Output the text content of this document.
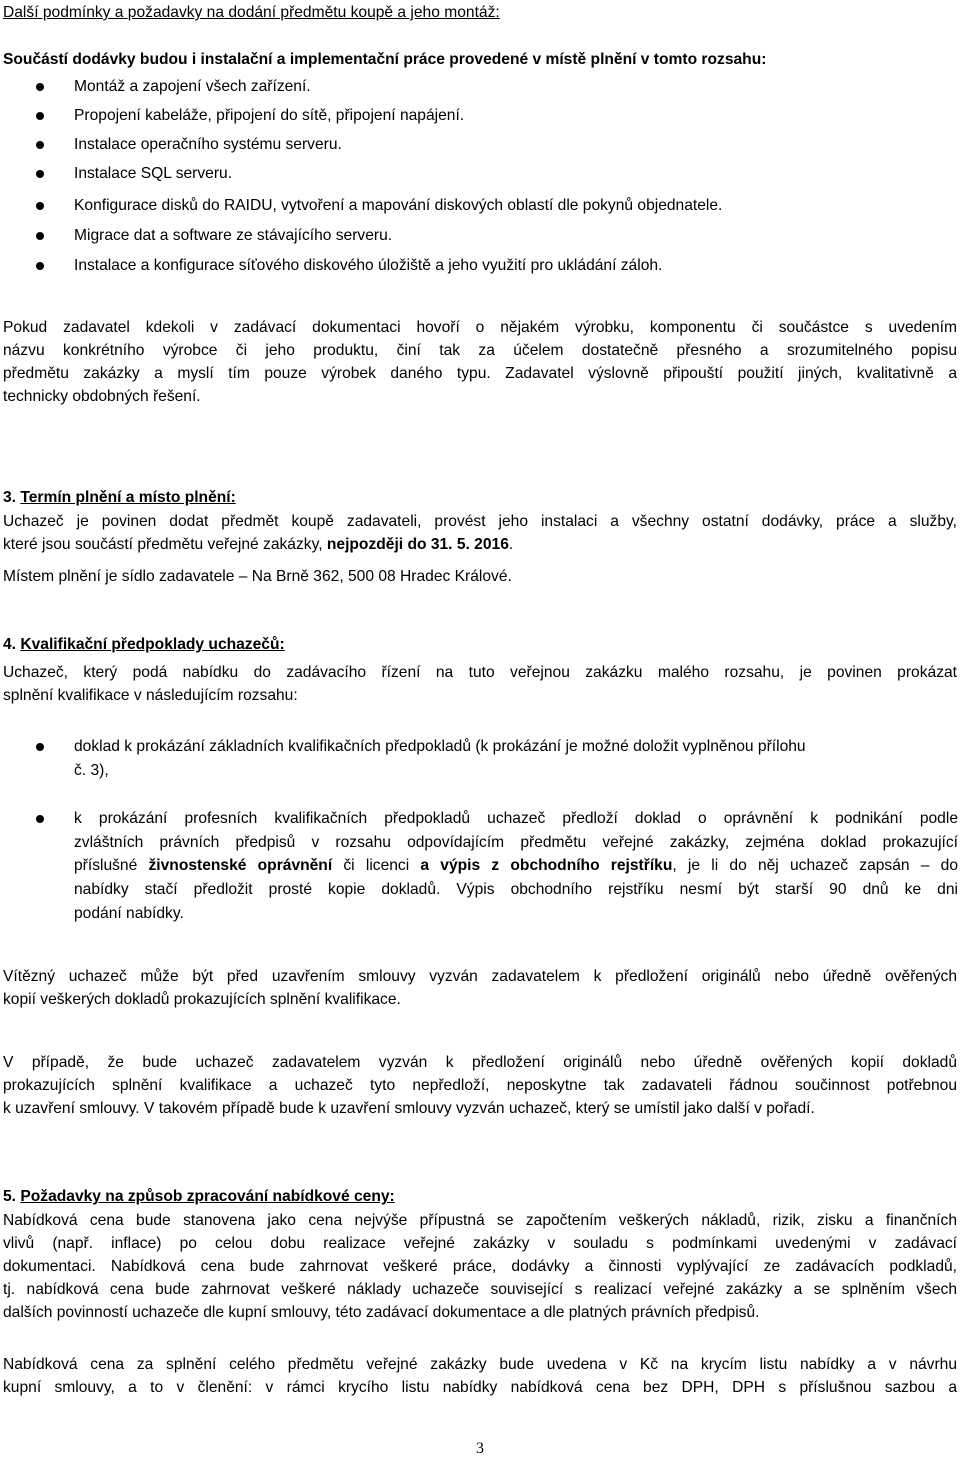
Další podmínky a požadavky na dodání předmětu koupě a jeho montáž:
Součástí dodávky budou i instalační a implementační práce provedené v místě plnění v tomto rozsahu:
Montáž a zapojení všech zařízení.
Propojení kabeláže, připojení do sítě, připojení napájení.
Instalace operačního systému serveru.
Instalace SQL serveru.
Konfigurace disků do RAIDU, vytvoření a mapování diskových oblastí dle pokynů objednatele.
Migrace dat a software ze stávajícího serveru.
Instalace a konfigurace síťového diskového úložiště a jeho využití pro ukládání záloh.
Pokud zadavatel kdekoli v zadávací dokumentaci hovoří o nějakém výrobku, komponentu či součástce s uvedením
názvu konkrétního výrobce či jeho produktu, činí tak za účelem dostatečně přesného a srozumitelného popisu
předmětu zakázky a myslí tím pouze výrobek daného typu. Zadavatel výslovně připouští použití jiných, kvalitativně a
technicky obdobných řešení.
3. Termín plnění a místo plnění:
Uchazeč je povinen dodat předmět koupě zadavateli, provést jeho instalaci a všechny ostatní dodávky, práce a služby,
které jsou součástí předmětu veřejné zakázky, nejpozději do 31. 5. 2016.
Místem plnění je sídlo zadavatele – Na Brně 362, 500 08 Hradec Králové.
4. Kvalifikační předpoklady uchazečů:
Uchazeč, který podá nabídku do zadávacího řízení na tuto veřejnou zakázku malého rozsahu, je povinen prokázat
splnění kvalifikace v následujícím rozsahu:
doklad k prokázání základních kvalifikačních předpokladů (k prokázání je možné doložit vyplněnou přílohu
č. 3),
k prokázání profesních kvalifikačních předpokladů uchazeč předloží doklad o oprávnění k podnikání podle
zvláštních právních předpisů v rozsahu odpovídajícím předmětu veřejné zakázky, zejména doklad prokazující
příslušné živnostenské oprávnění či licenci a výpis z obchodního rejstříku, je li do něj uchazeč zapsán – do
nabídky stačí předložit prosté kopie dokladů. Výpis obchodního rejstříku nesmí být starší 90 dnů ke dni
podání nabídky.
Vítězný uchazeč může být před uzavřením smlouvy vyzván zadavatelem k předložení originálů nebo úředně ověřených
kopií veškerých dokladů prokazujících splnění kvalifikace.
V případě, že bude uchazeč zadavatelem vyzván k předložení originálů nebo úředně ověřených kopií dokladů
prokazujících splnění kvalifikace a uchazeč tyto nepředloží, neposkytne tak zadavateli řádnou součinnost potřebnou
k uzavření smlouvy. V takovém případě bude k uzavření smlouvy vyzván uchazeč, který se umístil jako další v pořadí.
5. Požadavky na způsob zpracování nabídkové ceny:
Nabídková cena bude stanovena jako cena nejvýše přípustná se započtením veškerých nákladů, rizik, zisku a finančních
vlivů (např. inflace) po celou dobu realizace veřejné zakázky v souladu s podmínkami uvedenými v zadávací
dokumentaci. Nabídková cena bude zahrnovat veškeré práce, dodávky a činnosti vyplývající ze zadávacích podkladů,
tj. nabídková cena bude zahrnovat veškeré náklady uchazeče související s realizací veřejné zakázky a se splněním všech
dalších povinností uchazeče dle kupní smlouvy, této zadávací dokumentace a dle platných právních předpisů.
Nabídková cena za splnění celého předmětu veřejné zakázky bude uvedena v Kč na krycím listu nabídky a v návrhu
kupní smlouvy, a to v členění: v rámci krycího listu nabídky nabídková cena bez DPH, DPH s příslušnou sazbou a
3
